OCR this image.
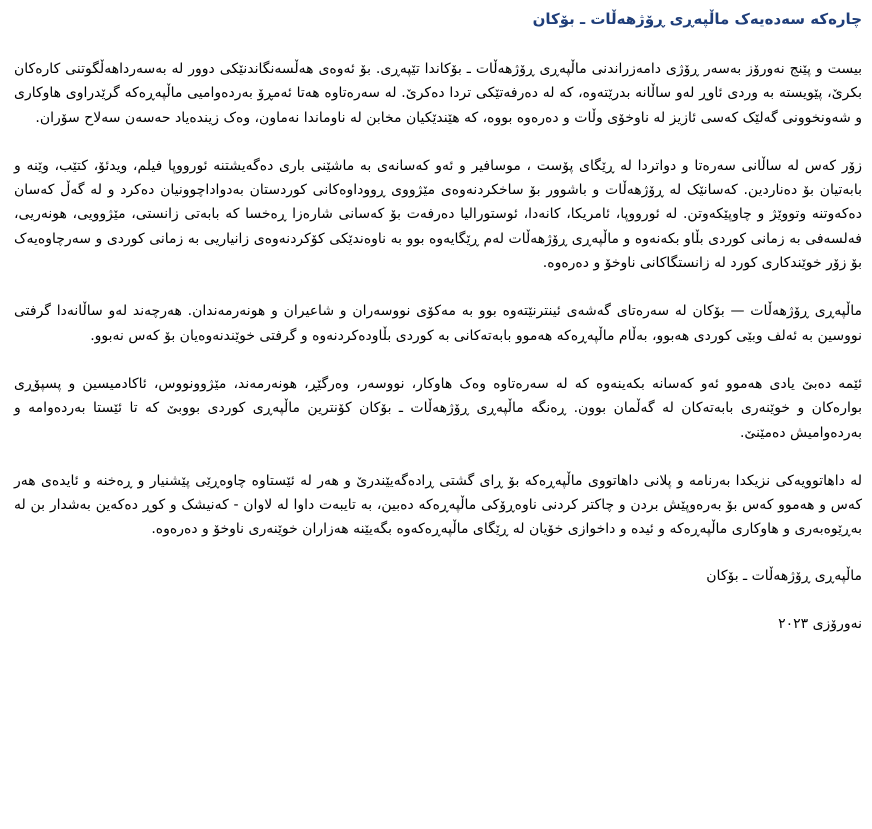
چارەکە سەدەیەک ماڵپەڕی ڕۆژهەڵات ـ بۆکان

بیست و پێنج نەورۆز بەسەر ڕۆژی دامەزراندنی ماڵپەڕی ڕۆژهەڵات ـ بۆکاندا تێپەڕی. بۆ ئەوەی هەڵسەنگاندنێکی دوور لە بەسەرداهەڵگوتنی کارەکان بکرێ، پێویستە بە وردی ئاوڕ لەو ساڵانە بدرێتەوە، کە لە دەرفەتێکی تردا دەکرێ. لە سەرەتاوە هەتا ئەمڕۆ بەردەوامیی ماڵپەڕەکە گرێدراوی هاوکاری و شەونخوونی گەلێک کەسی ئازیز لە ناوخۆی وڵات و دەرەوە بووە، کە هێندێکیان مخابن لە ناوماندا نەماون، وەک زیندەیاد حەسەن سەلاح سۆران.

زۆر کەس لە ساڵانی سەرەتا و دواتردا لە ڕێگای پۆست ، موسافیر و ئەو کەسانەی بە ماشێنی باری دەگەیشتنە ئورووپا فیلم، ویدئۆ، کتێب، وێنە و بابەتیان بۆ دەناردین. کەسانێک لە ڕۆژهەڵات و باشوور بۆ ساخکردنەوەی مێژووی ڕووداوەکانی کوردستان بەدواداچوونیان دەکرد و لە گەڵ کەسان دەکەوتنە وتووێژ و چاوپێکەوتن. لە ئورووپا، ئامریکا، کانەدا، ئوستورالیا دەرفەت بۆ کەسانی شارەزا ڕەخسا کە بابەتی زانستی، مێژوویی، هونەریی، فەلسەفی بە زمانی کوردی بڵاو بکەنەوە و ماڵپەڕی ڕۆژهەڵات لەم ڕێگایەوە بوو بە ناوەندێکی کۆکردنەوەی زانیاریی بە زمانی کوردی و سەرچاوەیەک بۆ زۆر خوێندکاری کورد لە زانستگاکانی ناوخۆ و دەرەوە.

ماڵپەڕی ڕۆژهەڵات — بۆکان لە سەرەتای گەشەی ئینترنێتەوە بوو بە مەکۆی نووسەران و شاعیران و هونەرمەندان. هەرچەند لەو ساڵانەدا گرفتی نووسین بە ئەلف وبێی کوردی هەبوو، بەڵام ماڵپەڕەکە هەموو بابەتەکانی بە کوردی بڵاودەکردنەوە و گرفتی خوێندنەوەیان بۆ کەس نەبوو.

ئێمە دەبێ یادی هەموو ئەو کەسانە بکەینەوە کە لە سەرەتاوە وەک هاوکار، نووسەر، وەرگێڕ، هونەرمەند، مێژوونووس، ئاکادمیسین و پسپۆڕی بوارەکان و خوێنەری بابەتەکان لە گەڵمان بوون. ڕەنگە ماڵپەڕی ڕۆژهەڵات ـ بۆکان کۆنترین ماڵپەڕی کوردی بووبێ کە تا ئێستا بەردەوامە و بەردەوامیش دەمێنێ.

لە داهاتوویەکی نزیکدا بەرنامە و پلانی داهاتووی ماڵپەڕەکە بۆ ڕای گشتی ڕادەگەیێندرێ و هەر لە ئێستاوە چاوەڕێی پێشنیار و ڕەخنە و ئایدەی هەر کەس و هەموو کەس بۆ بەرەوپێش بردن و چاکتر کردنی ناوەڕۆکی ماڵپەڕەکە دەبین، بە تایبەت داوا لە لاوان - کەنیشک و کوڕ دەکەین بەشدار بن لە بەڕێوەبەری و هاوکاری ماڵپەڕەکە و ئیدە و داخوازی خۆیان لە ڕێگای ماڵپەڕەکەوە بگەیێنە هەزاران خوێنەری ناوخۆ و دەرەوە.

ماڵپەڕی ڕۆژهەڵات ـ بۆکان

نەورۆزی ٢٠٢٣
